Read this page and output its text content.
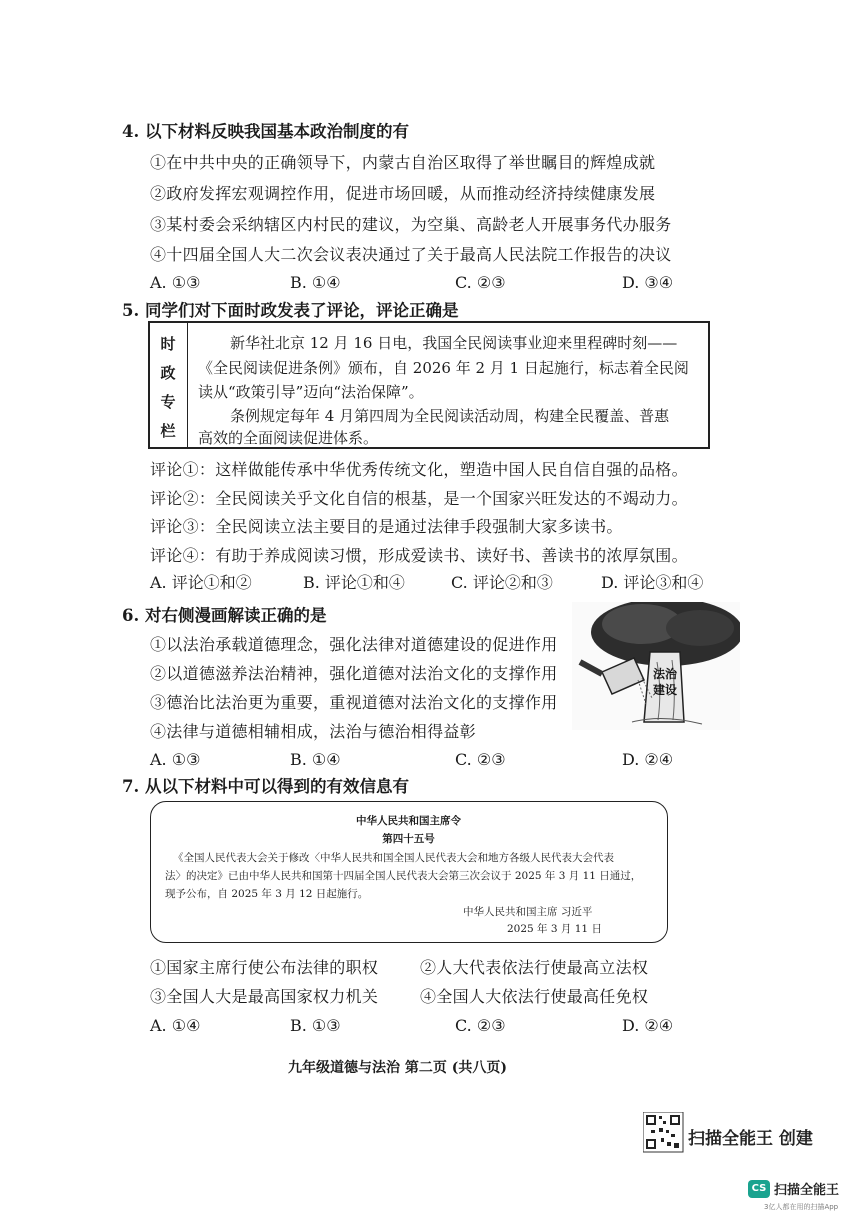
4. 以下材料反映我国基本政治制度的有
①在中共中央的正确领导下，内蒙古自治区取得了举世瞩目的辉煌成就
②政府发挥宏观调控作用，促进市场回暖，从而推动经济持续健康发展
③某村委会采纳辖区内村民的建议，为空巢、高龄老人开展事务代办服务
④十四届全国人大二次会议表决通过了关于最高人民法院工作报告的决议
A. ①③	B. ①④	C. ②③	D. ③④
5. 同学们对下面时政发表了评论，评论正确是
时
政
专
栏
新华社北京 12 月 16 日电，我国全民阅读事业迎来里程碑时刻——
《全民阅读促进条例》颁布，自 2026 年 2 月 1 日起施行，标志着全民阅
读从“政策引导”迈向“法治保障”。
条例规定每年 4 月第四周为全民阅读活动周，构建全民覆盖、普惠
高效的全面阅读促进体系。
评论①：这样做能传承中华优秀传统文化，塑造中国人民自信自强的品格。
评论②：全民阅读关乎文化自信的根基，是一个国家兴旺发达的不竭动力。
评论③：全民阅读立法主要目的是通过法律手段强制大家多读书。
评论④：有助于养成阅读习惯，形成爱读书、读好书、善读书的浓厚氛围。
A. 评论①和②	B. 评论①和④	C. 评论②和③	D. 评论③和④
6. 对右侧漫画解读正确的是
①以法治承载道德理念，强化法律对道德建设的促进作用
②以道德滋养法治精神，强化道德对法治文化的支撑作用
③德治比法治更为重要，重视道德对法治文化的支撑作用
④法律与道德相辅相成，法治与德治相得益彰
法治
建设
A. ①③	B. ①④	C. ②③	D. ②④
7. 从以下材料中可以得到的有效信息有
中华人民共和国主席令
第四十五号
《全国人民代表大会关于修改〈中华人民共和国全国人民代表大会和地方各级人民代表大会代表
法〉的决定》已由中华人民共和国第十四届全国人民代表大会第三次会议于 2025 年 3 月 11 日通过，
现予公布，自 2025 年 3 月 12 日起施行。
中华人民共和国主席 习近平
2025 年 3 月 11 日
①国家主席行使公布法律的职权	②人大代表依法行使最高立法权
③全国人大是最高国家权力机关	④全国人大依法行使最高任免权
A. ①④	B. ①③	C. ②③	D. ②④
九年级道德与法治 第二页 (共八页)
扫描全能王 创建
CS 扫描全能王
3亿人都在用的扫描App
